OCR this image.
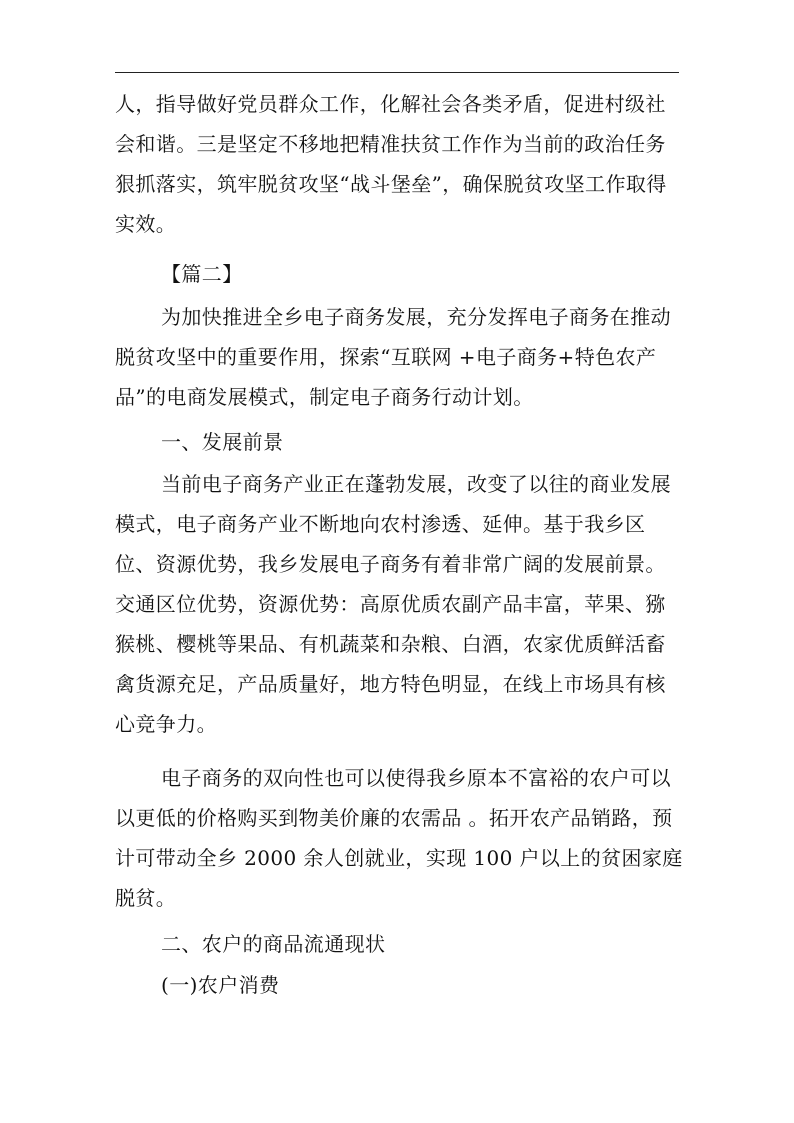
人，指导做好党员群众工作，化解社会各类矛盾，促进村级社会和谐。三是坚定不移地把精准扶贫工作作为当前的政治任务狠抓落实，筑牢脱贫攻坚“战斗堡垒”，确保脱贫攻坚工作取得实效。

【篇二】

为加快推进全乡电子商务发展，充分发挥电子商务在推动脱贫攻坚中的重要作用，探索“互联网 +电子商务+特色农产品”的电商发展模式，制定电子商务行动计划。

一、发展前景

当前电子商务产业正在蓬勃发展，改变了以往的商业发展模式，电子商务产业不断地向农村渗透、延伸。基于我乡区位、资源优势，我乡发展电子商务有着非常广阔的发展前景。交通区位优势，资源优势：高原优质农副产品丰富，苹果、猕猴桃、樱桃等果品、有机蔬菜和杂粮、白酒，农家优质鲜活畜禽货源充足，产品质量好，地方特色明显，在线上市场具有核心竞争力。

电子商务的双向性也可以使得我乡原本不富裕的农户可以以更低的价格购买到物美价廉的农需品 。拓开农产品销路，预计可带动全乡 2000 余人创就业，实现 100 户以上的贫困家庭脱贫。

二、农户的商品流通现状

(一)农户消费
